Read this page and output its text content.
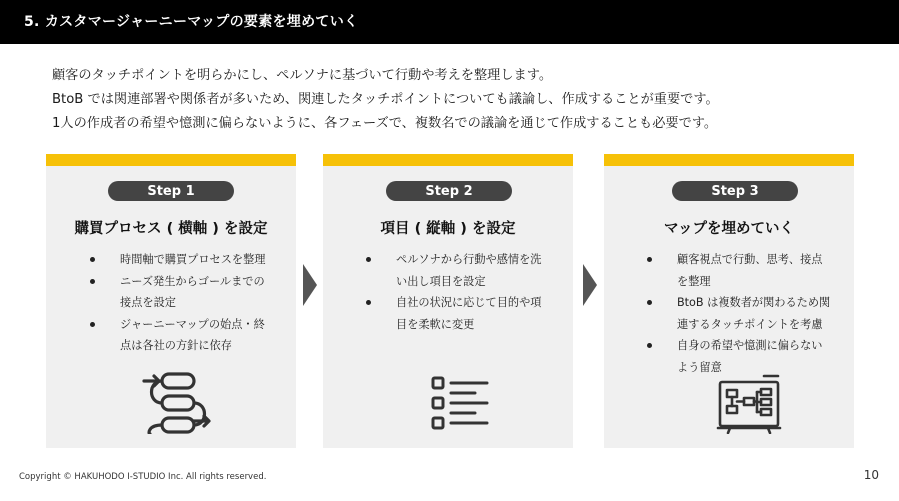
5. カスタマージャーニーマップの要素を埋めていく

顧客のタッチポイントを明らかにし、ペルソナに基づいて行動や考えを整理します。

BtoB では関連部署や関係者が多いため、関連したタッチポイントについても議論し、作成することが重要です。

1人の作成者の希望や憶測に偏らないように、各フェーズで、複数名での議論を通じて作成することも必要です。

Step 1
購買プロセス ( 横軸 ) を設定
時間軸で購買プロセスを整理
ニーズ発生からゴールまでの
接点を設定
ジャーニーマップの始点・終
点は各社の方針に依存
Step 2
項目 ( 縦軸 ) を設定
ペルソナから行動や感情を洗
い出し項目を設定
自社の状況に応じて目的や項
目を柔軟に変更
Step 3
マップを埋めていく
顧客視点で行動、思考、接点
を整理
BtoB は複数者が関わるため関
連するタッチポイントを考慮
自身の希望や憶測に偏らない
よう留意
Copyright © HAKUHODO I-STUDIO Inc. All rights reserved.	10
